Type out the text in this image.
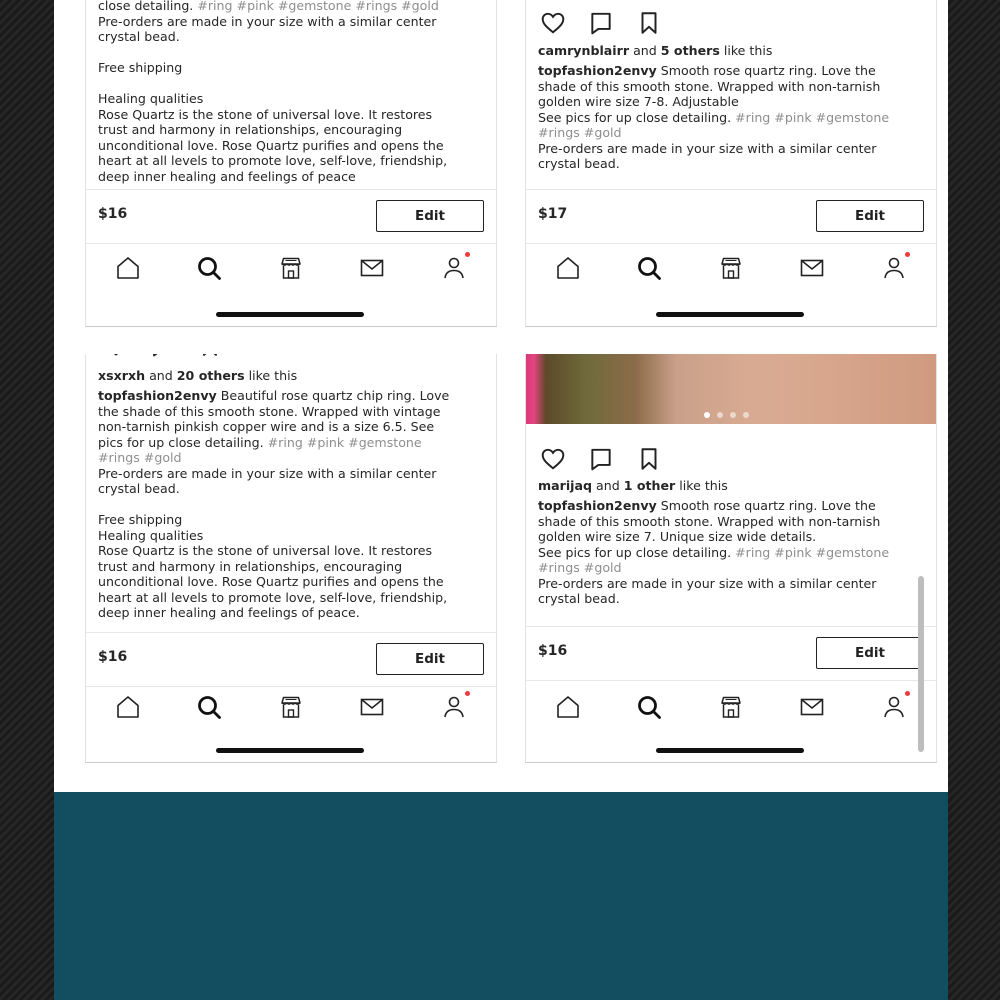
close detailing. #ring #pink #gemstone #rings #gold
Pre-orders are made in your size with a similar center
crystal bead.

Free shipping

Healing qualities
Rose Quartz is the stone of universal love. It restores
trust and harmony in relationships, encouraging
unconditional love. Rose Quartz purifies and opens the
heart at all levels to promote love, self-love, friendship,
deep inner healing and feelings of peace
$16	Edit
camrynblairr and 5 others like this
topfashion2envy Smooth rose quartz ring. Love the
shade of this smooth stone. Wrapped with non-tarnish
golden wire size 7-8. Adjustable
See pics for up close detailing. #ring #pink #gemstone
#rings #gold
Pre-orders are made in your size with a similar center
crystal bead.
$17	Edit
xsxrxh and 20 others like this
topfashion2envy Beautiful rose quartz chip ring. Love
the shade of this smooth stone. Wrapped with vintage
non-tarnish pinkish copper wire and is a size 6.5. See
pics for up close detailing. #ring #pink #gemstone
#rings #gold
Pre-orders are made in your size with a similar center
crystal bead.

Free shipping
Healing qualities
Rose Quartz is the stone of universal love. It restores
trust and harmony in relationships, encouraging
unconditional love. Rose Quartz purifies and opens the
heart at all levels to promote love, self-love, friendship,
deep inner healing and feelings of peace.
$16	Edit
marijaq and 1 other like this
topfashion2envy Smooth rose quartz ring. Love the
shade of this smooth stone. Wrapped with non-tarnish
golden wire size 7. Unique size wide details.
See pics for up close detailing. #ring #pink #gemstone
#rings #gold
Pre-orders are made in your size with a similar center
crystal bead.
$16	Edit
